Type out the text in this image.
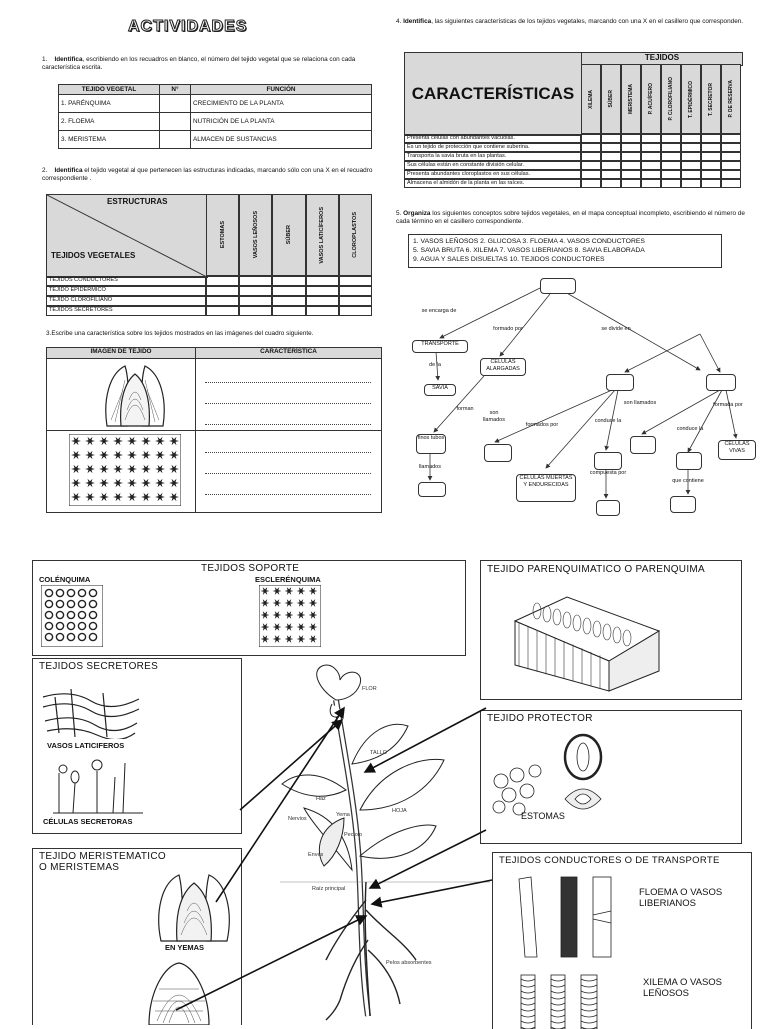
ACTIVIDADES
1. Identifica, escribiendo en los recuadros en blanco, el número del tejido vegetal que se relaciona con cada característica escrita.
TEJIDO VEGETAL	N°	FUNCIÓN
1. PARÉNQUIMA		CRECIMIENTO DE LA PLANTA
2. FLOEMA		NUTRICIÓN DE LA PLANTA
3. MERISTEMA		ALMACEN DE SUSTANCIAS
2. Identifica el tejido vegetal al que pertenecen las estructuras indicadas, marcando sólo con una X en el recuadro correspondiente .
ESTRUCTURAS
TEJIDOS VEGETALES
ESTOMAS	VASOS LEÑOSOS	SÚBER	VASOS LATICÍFEROS	CLOROPLASTOS
TEJIDOS CONDUCTORES
TEJIDO EPIDÉRMICO
TEJIDO CLOROFILIANO
TEJIDOS SECRETORES
3.Escribe una característica sobre los tejidos mostrados en las imágenes del cuadro siguiente.
IMAGEN DE TEJIDO	CARACTERÍSTICA
4. Identifica, las siguientes características de los tejidos vegetales, marcando con una X en el casillero que corresponden.
CARACTERÍSTICAS
TEJIDOS
XILEMA	SÚBER	MERISTEMA	P. ACUÍFERO	P. CLOROFILIANO	T. EPIDÉRMICO	T. SECRETOR	P. DE RESERVA
Presenta células con abundantes vacuolas.
Es un tejido de protección que contiene suberina.
Transporta la savia bruta en las plantas.
Sus células están en constante división celular.
Presenta abundantes cloroplastos en sus células.
Almacena el almidón de la planta en las raíces.
5. Organiza los siguientes conceptos sobre tejidos vegetales, en el mapa conceptual incompleto, escribiendo el número de cada término en el casillero correspondiente.
1. VASOS LEÑOSOS 2. GLUCOSA 3. FLOEMA 4. VASOS CONDUCTORES
5. SAVIA BRUTA 6. XILEMA 7. VASOS LIBERIANOS 8. SAVIA ELABORADA
9. AGUA Y SALES DISUELTAS 10. TEJIDOS CONDUCTORES
se encarga de
formado por	se divide en
TRANSPORTE
de la
SAVIA
CÉLULAS ALARGADAS
forman
finos tubos
llamados
son llamados
formados por
CÉLULAS MUERTAS Y ENDURECIDAS
conduce la
compuesta por
son llamados
conduce la
que contiene
formada por
CÉLULAS VIVAS
TEJIDOS SOPORTE
COLÉNQUIMA	ESCLERÉNQUIMA
TEJIDO PARENQUIMATICO O PARENQUIMA
TEJIDOS SECRETORES
VASOS LATICIFEROS
CÉLULAS SECRETORAS
TEJIDO PROTECTOR
ESTOMAS
TEJIDO MERISTEMATICO
O MERISTEMAS
EN YEMAS
TEJIDOS CONDUCTORES O DE TRANSPORTE
FLOEMA O VASOS LIBERIANOS
XILEMA O VASOS LEÑOSOS
FLOR
TALLO
HOJA
Haz
Yema
Nervios
Peciolo
Envés
Raíz principal
Pelos absorbentes
